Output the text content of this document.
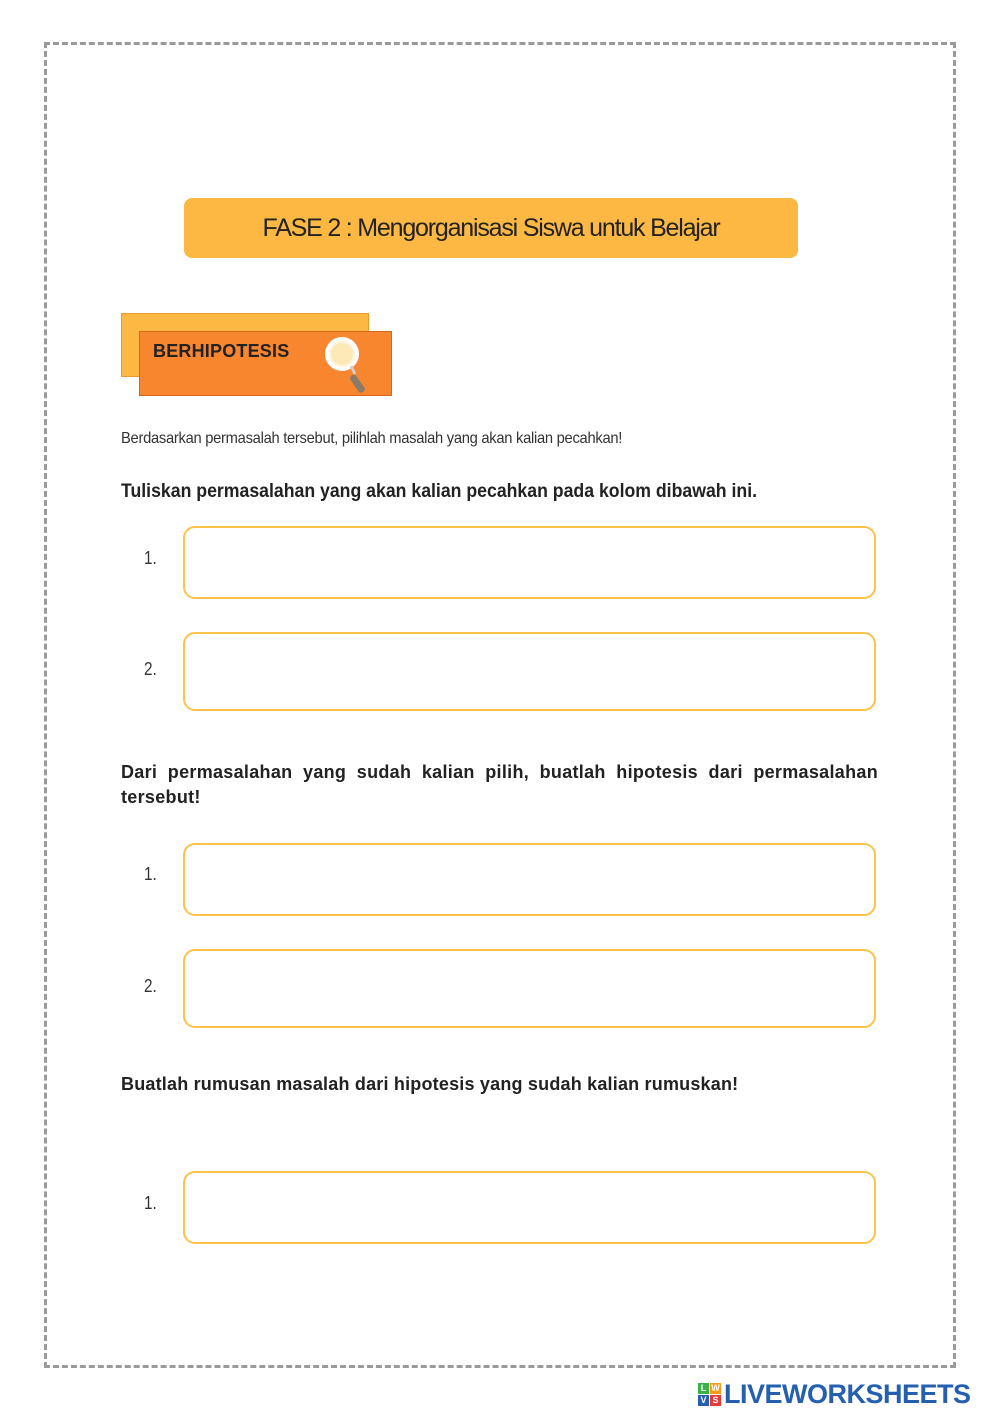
FASE 2 : Mengorganisasi Siswa untuk Belajar
BERHIPOTESIS
Berdasarkan permasalah tersebut, pilihlah masalah yang akan kalian pecahkan!
Tuliskan permasalahan yang akan kalian pecahkan pada kolom dibawah ini.
1.
2.
Dari permasalahan yang sudah kalian pilih, buatlah hipotesis dari permasalahan tersebut!
1.
2.
Buatlah rumusan masalah dari hipotesis yang sudah kalian rumuskan!
1.
L W
V S LIVEWORKSHEETS
